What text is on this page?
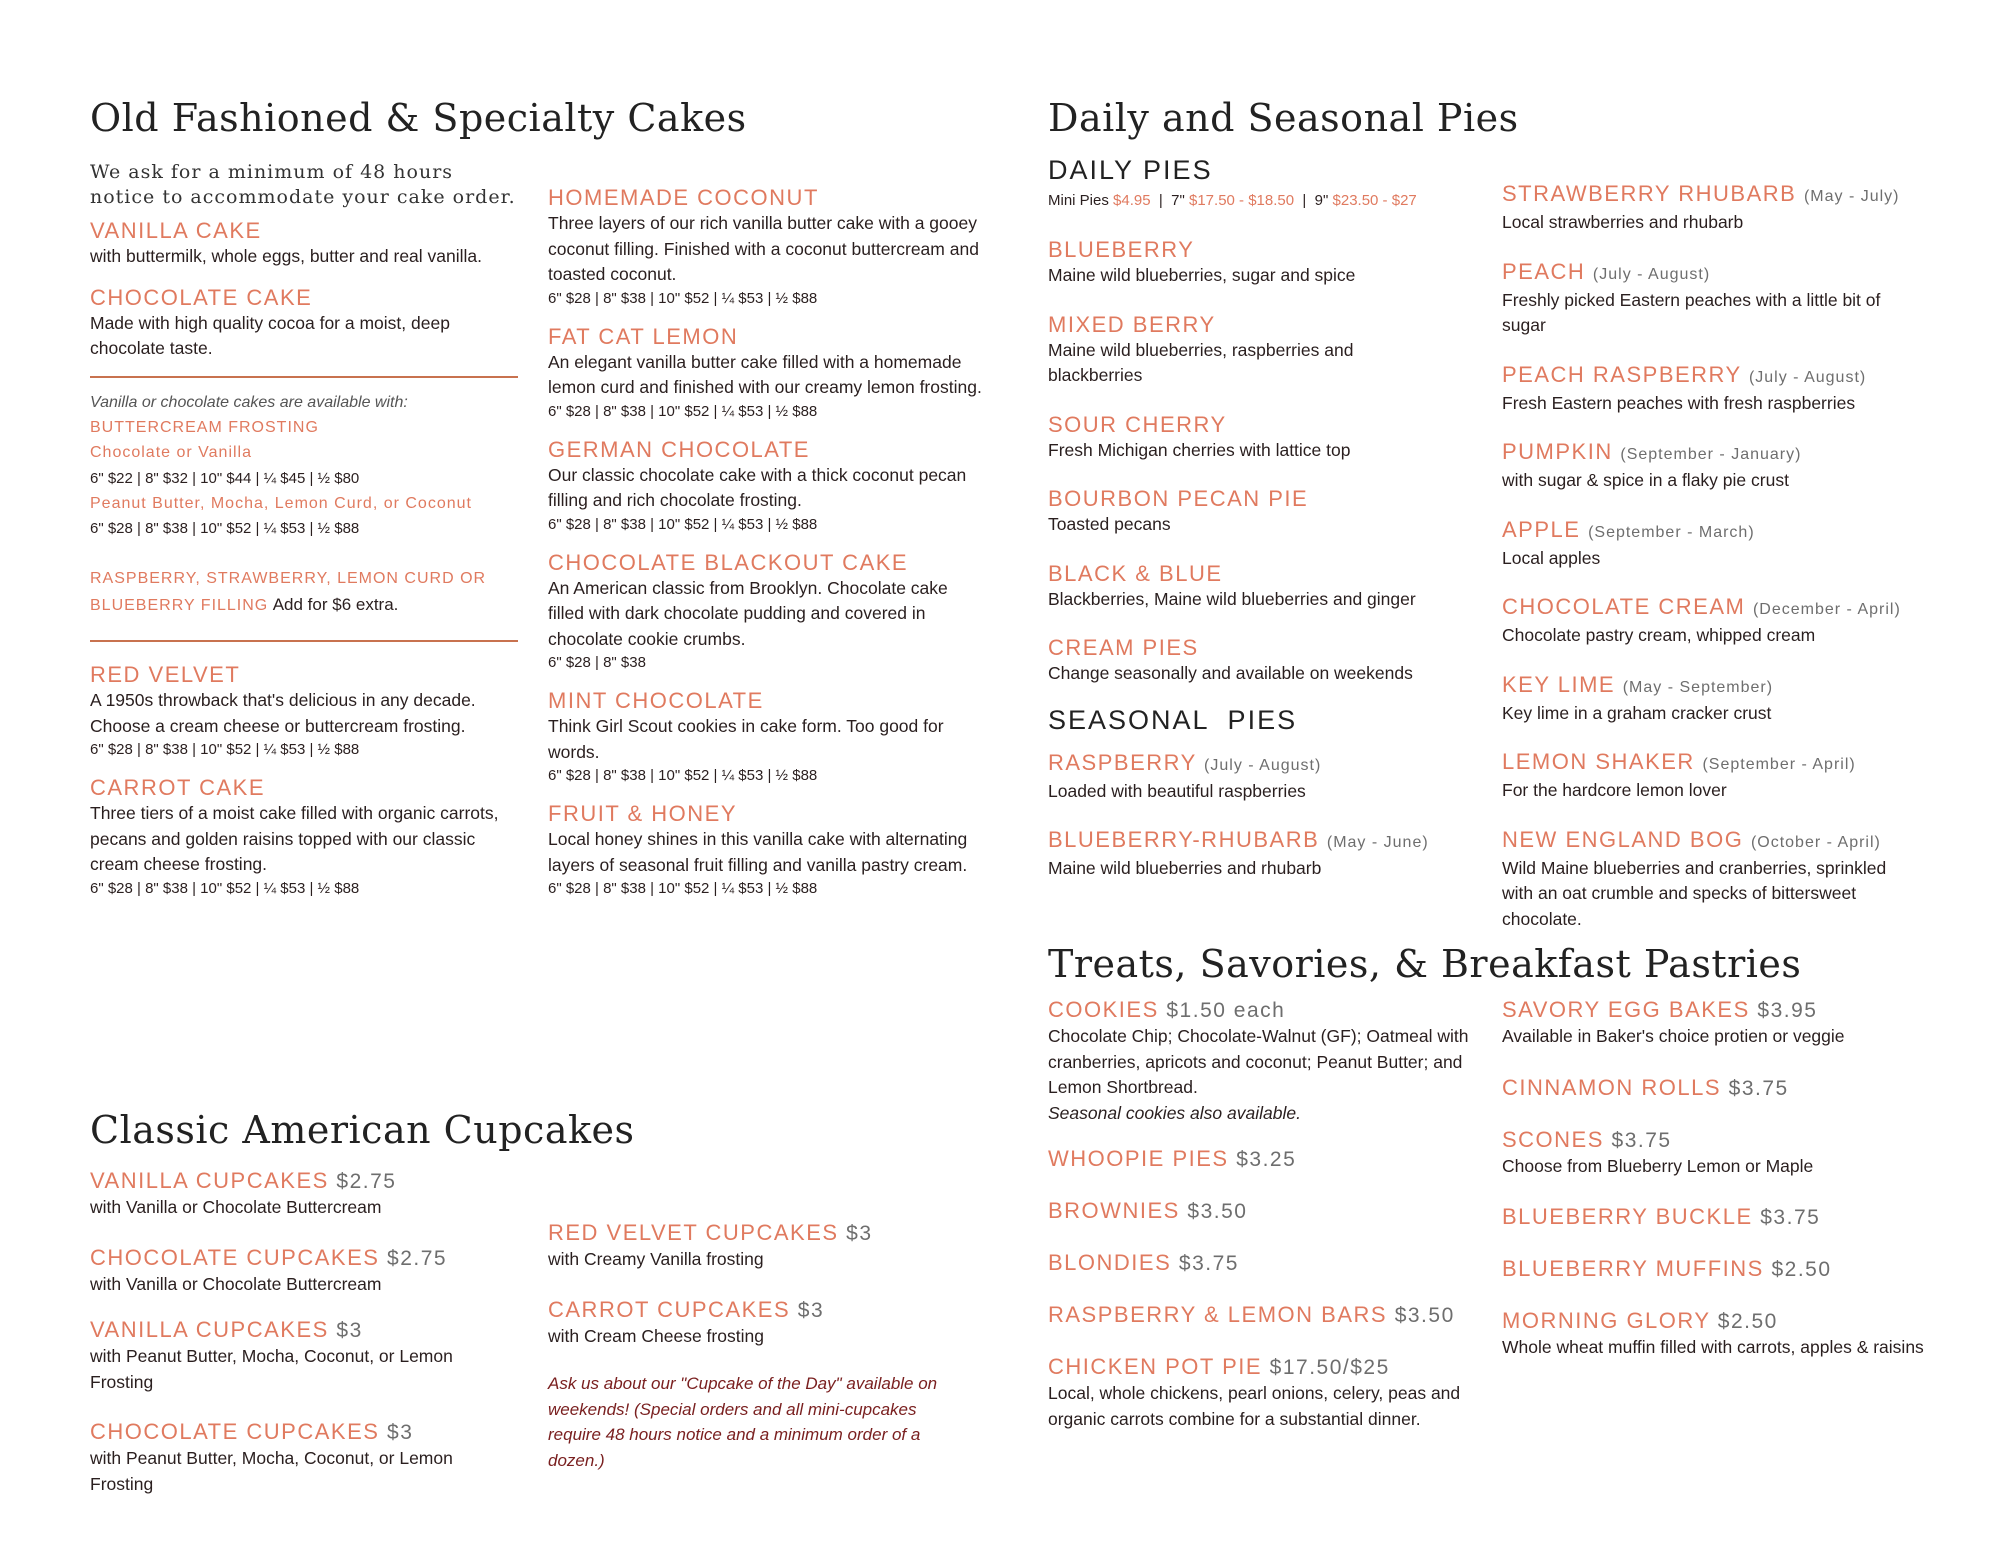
Old Fashioned & Specialty Cakes
We ask for a minimum of 48 hours notice to accommodate your cake order.
VANILLA CAKE
with buttermilk, whole eggs, butter and real vanilla.
CHOCOLATE CAKE
Made with high quality cocoa for a moist, deep chocolate taste.
Vanilla or chocolate cakes are available with:
BUTTERCREAM FROSTING
Chocolate or Vanilla
6" $22 | 8" $32 | 10" $44 | ¼ $45 | ½ $80
Peanut Butter, Mocha, Lemon Curd, or Coconut
6" $28 | 8" $38 | 10" $52 | ¼ $53 | ½ $88
RASPBERRY, STRAWBERRY, LEMON CURD OR BLUEBERRY FILLING Add for $6 extra.
RED VELVET
A 1950s throwback that's delicious in any decade. Choose a cream cheese or buttercream frosting.
6" $28 | 8" $38 | 10" $52 | ¼ $53 | ½ $88
CARROT CAKE
Three tiers of a moist cake filled with organic carrots, pecans and golden raisins topped with our classic cream cheese frosting.
6" $28 | 8" $38 | 10" $52 | ¼ $53 | ½ $88
HOMEMADE COCONUT
Three layers of our rich vanilla butter cake with a gooey coconut filling. Finished with a coconut buttercream and toasted coconut.
6" $28 | 8" $38 | 10" $52 | ¼ $53 | ½ $88
FAT CAT LEMON
An elegant vanilla butter cake filled with a homemade lemon curd and finished with our creamy lemon frosting.
6" $28 | 8" $38 | 10" $52 | ¼ $53 | ½ $88
GERMAN CHOCOLATE
Our classic chocolate cake with a thick coconut pecan filling and rich chocolate frosting.
6" $28 | 8" $38 | 10" $52 | ¼ $53 | ½ $88
CHOCOLATE BLACKOUT CAKE
An American classic from Brooklyn. Chocolate cake filled with dark chocolate pudding and covered in chocolate cookie crumbs.
6" $28 | 8" $38
MINT CHOCOLATE
Think Girl Scout cookies in cake form. Too good for words.
6" $28 | 8" $38 | 10" $52 | ¼ $53 | ½ $88
FRUIT & HONEY
Local honey shines in this vanilla cake with alternating layers of seasonal fruit filling and vanilla pastry cream.
6" $28 | 8" $38 | 10" $52 | ¼ $53 | ½ $88
Classic American Cupcakes
VANILLA CUPCAKES $2.75
with Vanilla or Chocolate Buttercream
CHOCOLATE CUPCAKES $2.75
with Vanilla or Chocolate Buttercream
VANILLA CUPCAKES $3
with Peanut Butter, Mocha, Coconut, or Lemon Frosting
CHOCOLATE CUPCAKES $3
with Peanut Butter, Mocha, Coconut, or Lemon Frosting
RED VELVET CUPCAKES $3
with Creamy Vanilla frosting
CARROT CUPCAKES $3
with Cream Cheese frosting
Ask us about our "Cupcake of the Day" available on weekends! (Special orders and all mini-cupcakes require 48 hours notice and a minimum order of a dozen.)
Daily and Seasonal Pies
DAILY PIES
Mini Pies $4.95  |  7" $17.50 - $18.50  |  9" $23.50 - $27
BLUEBERRY
Maine wild blueberries, sugar and spice
MIXED BERRY
Maine wild blueberries, raspberries and blackberries
SOUR CHERRY
Fresh Michigan cherries with lattice top
BOURBON PECAN PIE
Toasted pecans
BLACK & BLUE
Blackberries, Maine wild blueberries and ginger
CREAM PIES
Change seasonally and available on weekends
SEASONAL  PIES
RASPBERRY (July - August)
Loaded with beautiful raspberries
BLUEBERRY-RHUBARB (May - June)
Maine wild blueberries and rhubarb
STRAWBERRY RHUBARB (May - July)
Local strawberries and rhubarb
PEACH (July - August)
Freshly picked Eastern peaches with a little bit of sugar
PEACH RASPBERRY (July - August)
Fresh Eastern peaches with fresh raspberries
PUMPKIN (September - January)
with sugar & spice in a flaky pie crust
APPLE (September - March)
Local apples
CHOCOLATE CREAM (December - April)
Chocolate pastry cream, whipped cream
KEY LIME (May - September)
Key lime in a graham cracker crust
LEMON SHAKER (September - April)
For the hardcore lemon lover
NEW ENGLAND BOG (October - April)
Wild Maine blueberries and cranberries, sprinkled with an oat crumble and specks of bittersweet chocolate.
Treats, Savories, & Breakfast Pastries
COOKIES $1.50 each
Chocolate Chip; Chocolate-Walnut (GF); Oatmeal with cranberries, apricots and coconut; Peanut Butter; and Lemon Shortbread.
Seasonal cookies also available.
WHOOPIE PIES $3.25
BROWNIES $3.50
BLONDIES $3.75
RASPBERRY & LEMON BARS $3.50
CHICKEN POT PIE $17.50/$25
Local, whole chickens, pearl onions, celery, peas and organic carrots combine for a substantial dinner.
SAVORY EGG BAKES $3.95
Available in Baker's choice protien or veggie
CINNAMON ROLLS $3.75
SCONES $3.75
Choose from Blueberry Lemon or Maple
BLUEBERRY BUCKLE $3.75
BLUEBERRY MUFFINS $2.50
MORNING GLORY $2.50
Whole wheat muffin filled with carrots, apples & raisins
